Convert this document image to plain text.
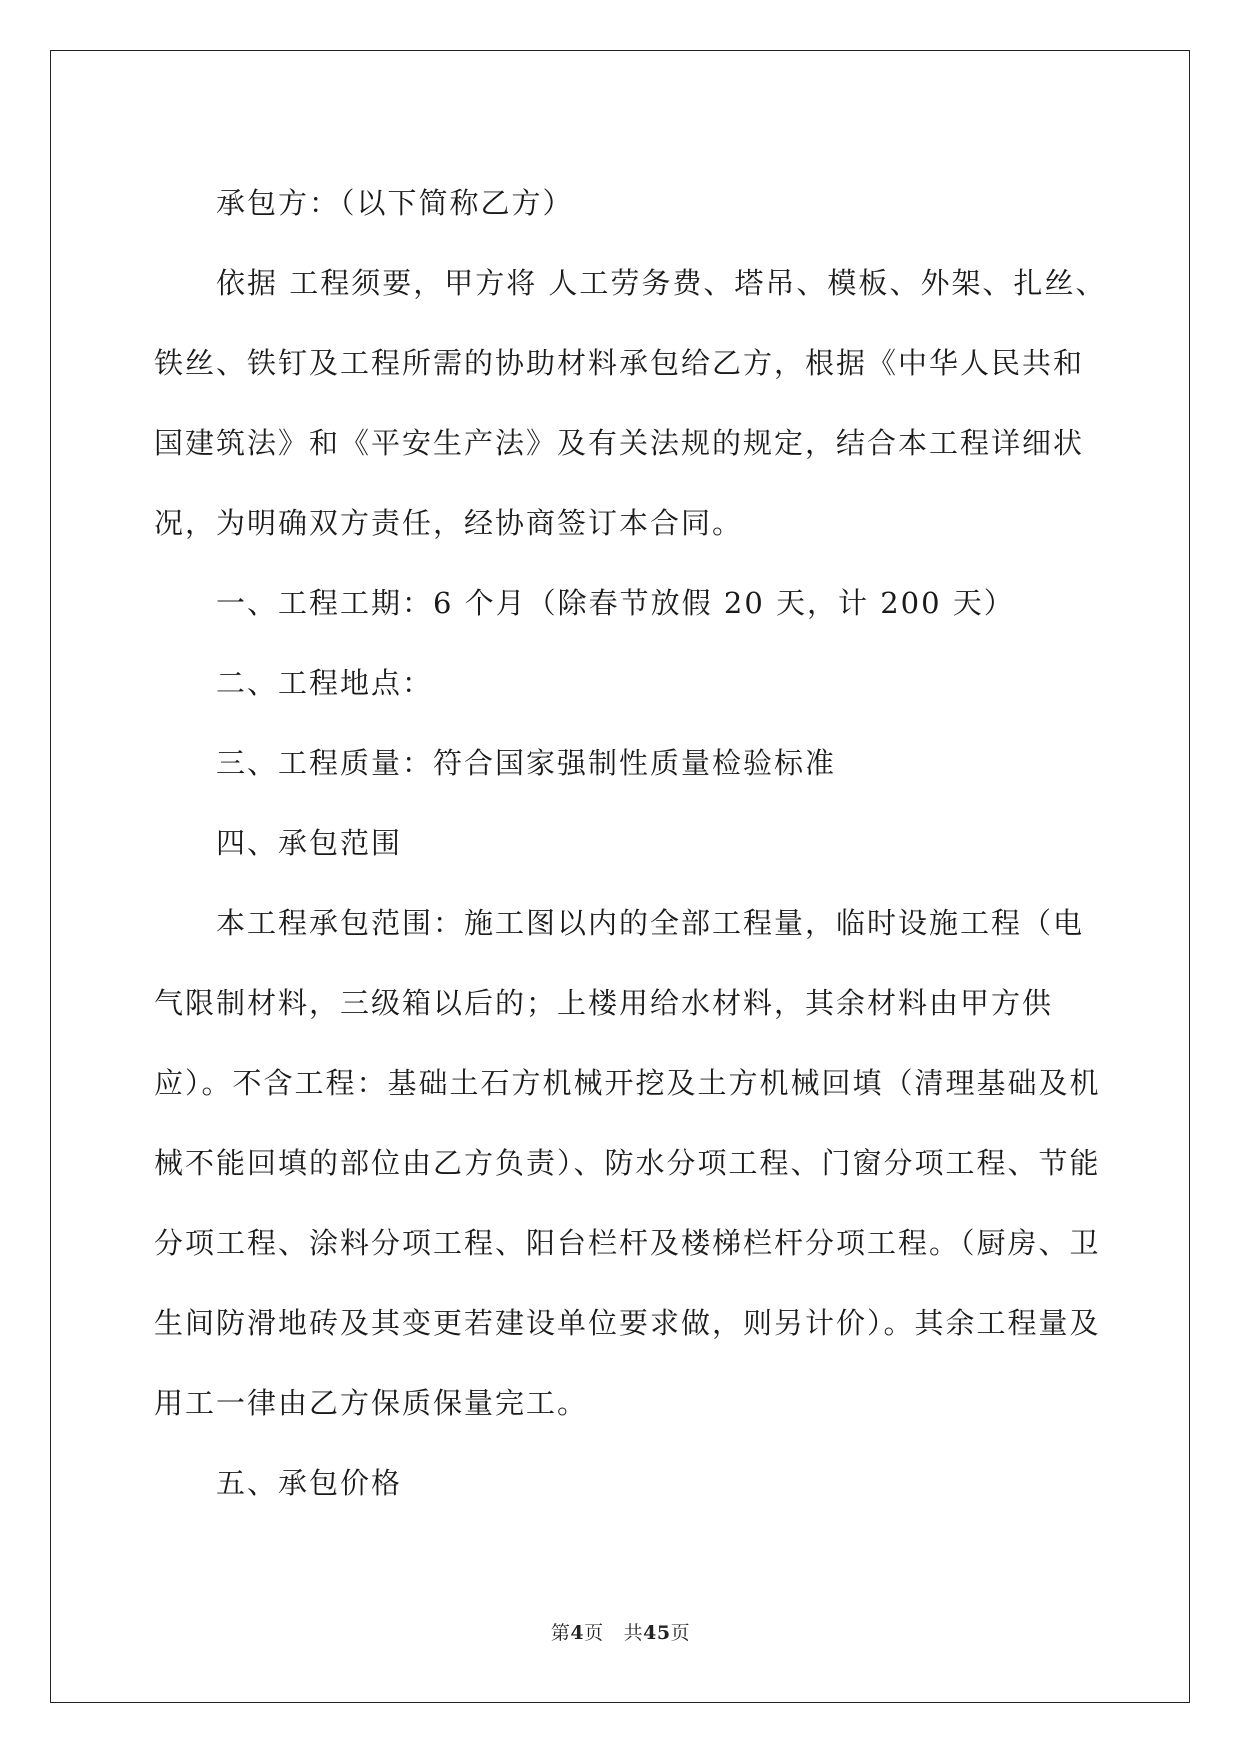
承包方：（以下简称乙方）
依据 工程须要，甲方将 人工劳务费、塔吊、模板、外架、扎丝、
铁丝、铁钉及工程所需的协助材料承包给乙方，根据《中华人民共和
国建筑法》和《平安生产法》及有关法规的规定，结合本工程详细状
况，为明确双方责任，经协商签订本合同。
一、工程工期：6 个月（除春节放假 20 天，计 200 天）
二、工程地点：
三、工程质量：符合国家强制性质量检验标准
四、承包范围
本工程承包范围：施工图以内的全部工程量，临时设施工程（电
气限制材料，三级箱以后的；上楼用给水材料，其余材料由甲方供
应）。不含工程：基础土石方机械开挖及土方机械回填（清理基础及机
械不能回填的部位由乙方负责）、防水分项工程、门窗分项工程、节能
分项工程、涂料分项工程、阳台栏杆及楼梯栏杆分项工程。（厨房、卫
生间防滑地砖及其变更若建设单位要求做，则另计价）。其余工程量及
用工一律由乙方保质保量完工。
五、承包价格
第4页 共45页
